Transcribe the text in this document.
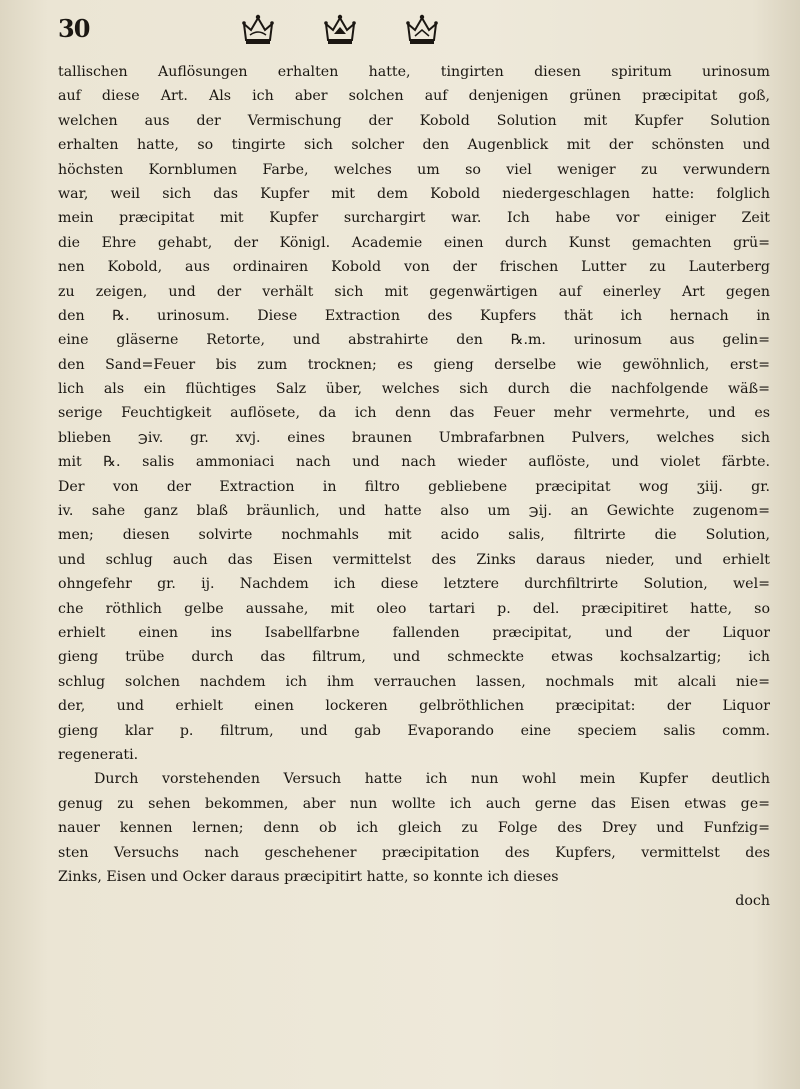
30
tallischen Auflösungen erhalten hatte, tingirten diesen spiritum urinosum
auf diese Art. Als ich aber solchen auf denjenigen grünen præcipitat goß,
welchen aus der Vermischung der Kobold Solution mit Kupfer Solution
erhalten hatte, so tingirte sich solcher den Augenblick mit der schönsten und
höchsten Kornblumen Farbe, welches um so viel weniger zu verwundern
war, weil sich das Kupfer mit dem Kobold niedergeschlagen hatte: folglich
mein præcipitat mit Kupfer surchargirt war. Ich habe vor einiger Zeit
die Ehre gehabt, der Königl. Academie einen durch Kunst gemachten grü=
nen Kobold, aus ordinairen Kobold von der frischen Lutter zu Lauterberg
zu zeigen, und der verhält sich mit gegenwärtigen auf einerley Art gegen
den ℞. urinosum. Diese Extraction des Kupfers thät ich hernach in
eine gläserne Retorte, und abstrahirte den ℞.m. urinosum aus gelin=
den Sand=Feuer bis zum trocknen; es gieng derselbe wie gewöhnlich, erst=
lich als ein flüchtiges Salz über, welches sich durch die nachfolgende wäß=
serige Feuchtigkeit auflösete, da ich denn das Feuer mehr vermehrte, und es
blieben ℈iv. gr. xvj. eines braunen Umbrafarbnen Pulvers, welches sich
mit ℞. salis ammoniaci nach und nach wieder auflöste, und violet färbte.
Der von der Extraction in filtro gebliebene præcipitat wog ʒiij. gr.
iv. sahe ganz blaß bräunlich, und hatte also um ℈ij. an Gewichte zugenom=
men; diesen solvirte nochmahls mit acido salis, filtrirte die Solution,
und schlug auch das Eisen vermittelst des Zinks daraus nieder, und erhielt
ohngefehr gr. ij. Nachdem ich diese letztere durchfiltrirte Solution, wel=
che röthlich gelbe aussahe, mit oleo tartari p. del. præcipitiret hatte, so
erhielt einen ins Isabellfarbne fallenden præcipitat, und der Liquor
gieng trübe durch das filtrum, und schmeckte etwas kochsalzartig; ich
schlug solchen nachdem ich ihm verrauchen lassen, nochmals mit alcali nie=
der, und erhielt einen lockeren gelbröthlichen præcipitat: der Liquor
gieng klar p. filtrum, und gab Evaporando eine speciem salis comm.
regenerati.
Durch vorstehenden Versuch hatte ich nun wohl mein Kupfer deutlich
genug zu sehen bekommen, aber nun wollte ich auch gerne das Eisen etwas ge=
nauer kennen lernen; denn ob ich gleich zu Folge des Drey und Funfzig=
sten Versuchs nach geschehener præcipitation des Kupfers, vermittelst des
Zinks, Eisen und Ocker daraus præcipitirt hatte, so konnte ich dieses
doch
